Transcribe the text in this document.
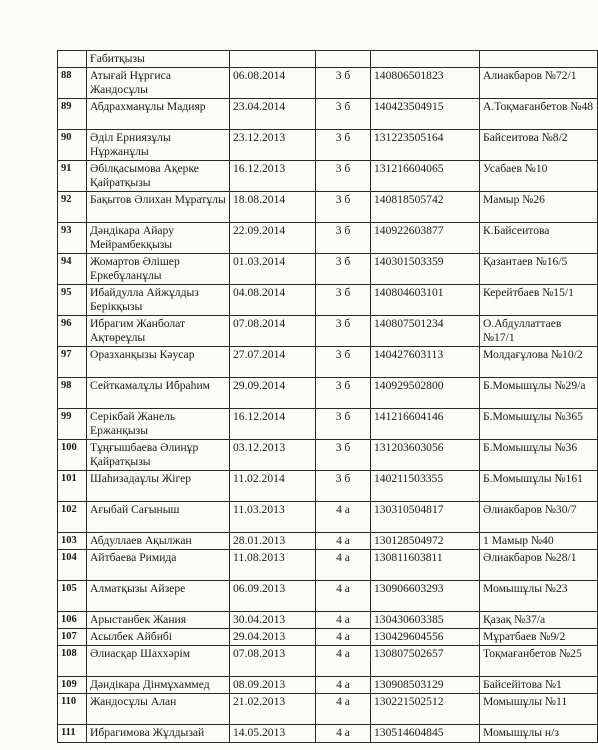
	Ғабитқызы				
88	Атығай Нұргиса Жандосұлы	06.08.2014	3 б	140806501823	Алиакбаров №72/1
89	Абдрахманұлы Мадияр	23.04.2014	3 б	140423504915	А.Тоқмағанбетов №48
90	Әділ Ерниязұлы Нұржанұлы	23.12.2013	3 б	131223505164	Байсеитова №8/2
91	Әбілқасымова Ақерке Қайратқызы	16.12.2013	3 б	131216604065	Усабаев №10
92	Бақытов Әлихан Мұратұлы	18.08.2014	3 б	140818505742	Мамыр №26
93	Дәндікара Айару Мейрамбекқызы	22.09.2014	3 б	140922603877	К.Байсеитова
94	Жомартов Әлішер Еркебұланұлы	01.03.2014	3 б	140301503359	Қазантаев №16/5
95	Ибайдулла Айжұлдыз Берікқызы	04.08.2014	3 б	140804603101	Керейтбаев №15/1
96	Ибрагим Жанболат Ақтөреұлы	07.08.2014	3 б	140807501234	О.Абдуллаттаев №17/1
97	Оразханқызы Кәусар	27.07.2014	3 б	140427603113	Молдағұлова №10/2
98	Сейткамалұлы Ибраһим	29.09.2014	3 б	140929502800	Б.Момышұлы №29/а
99	Серікбай Жанель Ержанқызы	16.12.2014	3 б	141216604146	Б.Момышұлы №365
100	Тұңғышбаева Әлинұр Қайратқызы	03.12.2013	3 б	131203603056	Б.Момышұлы №36
101	Шаһизадаұлы Жігер	11.02.2014	3 б	140211503355	Б.Момышұлы №161
102	Ағыбай Сағыныш	11.03.2013	4 а	130310504817	Әлиакбаров №30/7
103	Абдуллаев Ақылжан	28.01.2013	4 а	130128504972	1 Мамыр №40
104	Айтбаева Римида	11.08.2013	4 а	130811603811	Әлиакбаров №28/1
105	Алматқызы Айзере	06.09.2013	4 а	130906603293	Момышұлы №23
106	Арыстанбек Жания	30.04.2013	4 а	130430603385	Қазақ №37/а
107	Асылбек Айбибі	29.04.2013	4 а	130429604556	Мұратбаев №9/2
108	Әлиасқар Шаххәрім	07.08.2013	4 а	130807502657	Тоқмағанбетов №25
109	Дәндікара Дінмұхаммед	08.09.2013	4 а	130908503129	Байсейітова №1
110	Жандосұлы Алан	21.02.2013	4 а	130221502512	Момышұлы №11
111	Ибрагимова Жұлдызай	14.05.2013	4 а	130514604845	Момышұлы н/з
